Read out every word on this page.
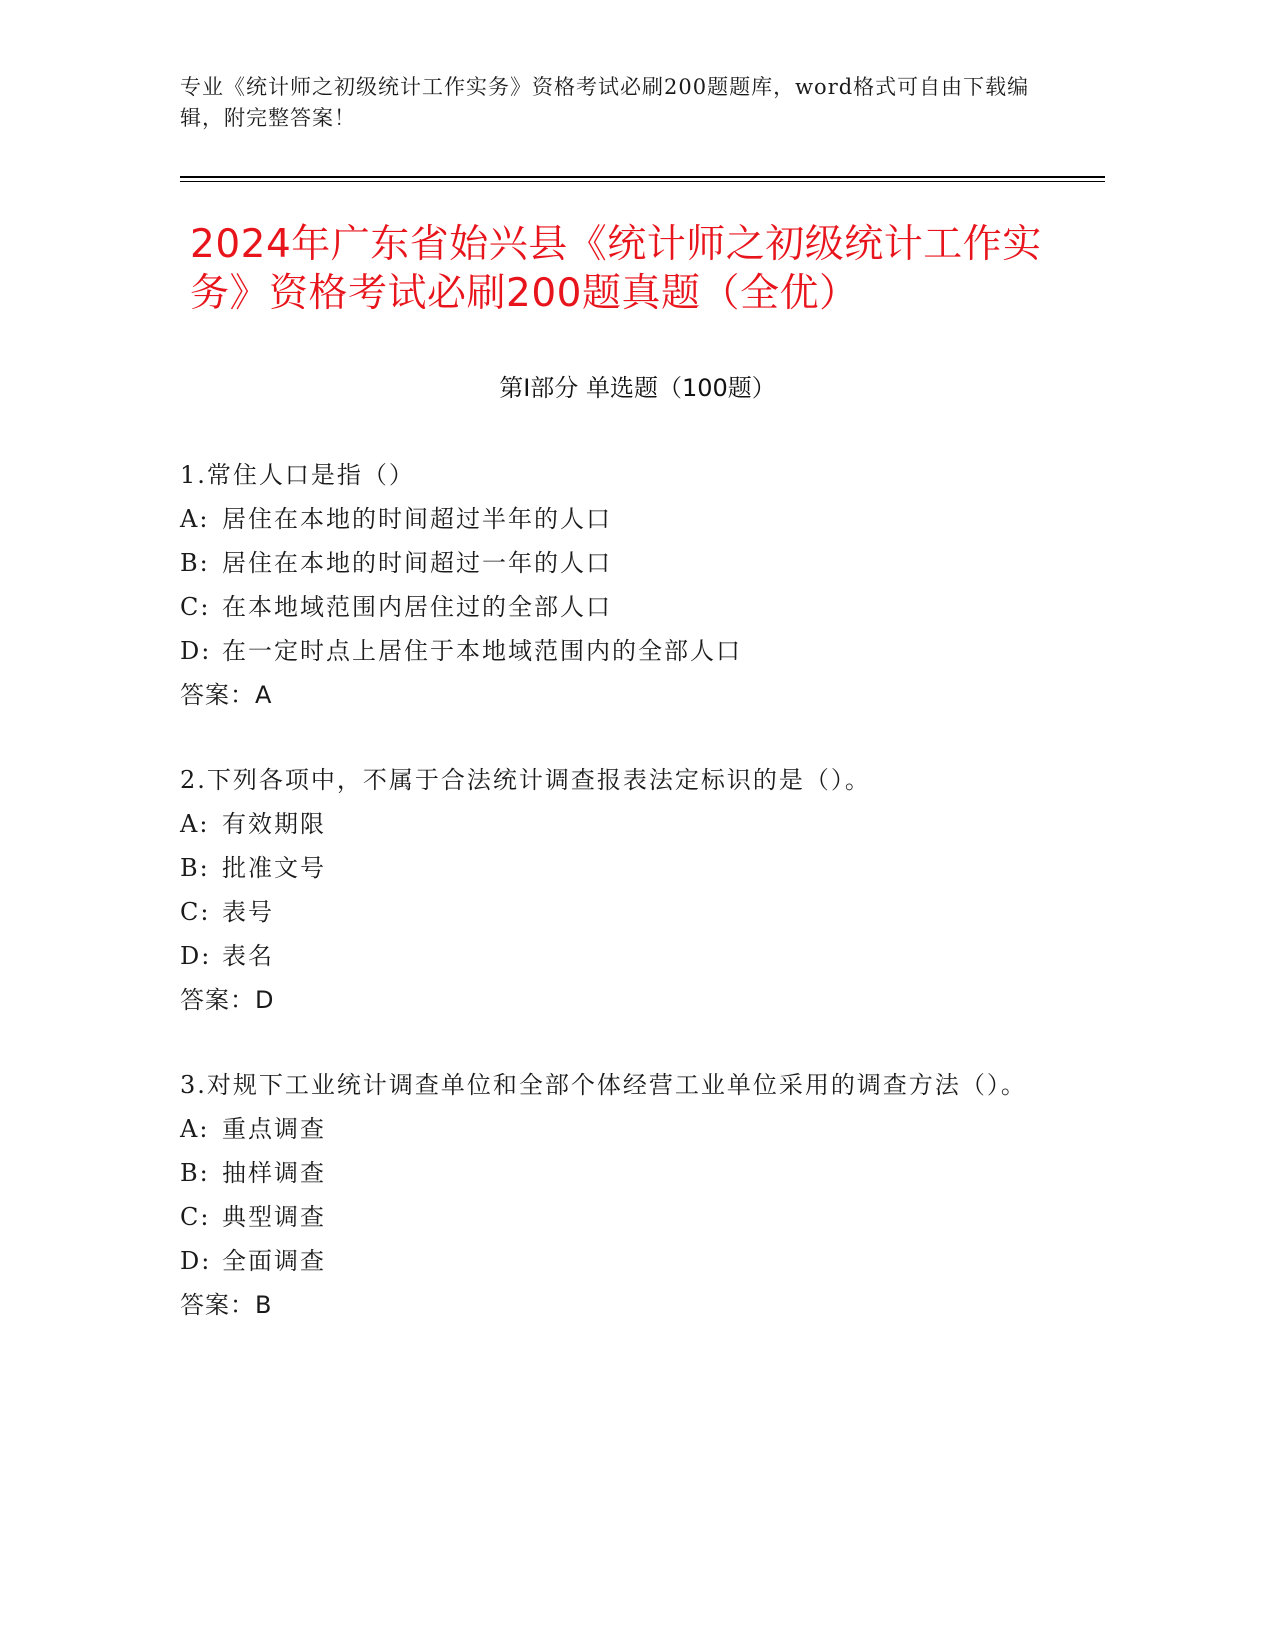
专业《统计师之初级统计工作实务》资格考试必刷200题题库，word格式可自由下载编辑，附完整答案！
2024年广东省始兴县《统计师之初级统计工作实务》资格考试必刷200题真题（全优）
第Ⅰ部分 单选题（100题）
1.常住人口是指（）
A: 居住在本地的时间超过半年的人口
B: 居住在本地的时间超过一年的人口
C: 在本地域范围内居住过的全部人口
D: 在一定时点上居住于本地域范围内的全部人口
答案：A
2.下列各项中，不属于合法统计调查报表法定标识的是（）。
A: 有效期限
B: 批准文号
C: 表号
D: 表名
答案：D
3.对规下工业统计调查单位和全部个体经营工业单位采用的调查方法（）。
A: 重点调查
B: 抽样调查
C: 典型调查
D: 全面调查
答案：B
